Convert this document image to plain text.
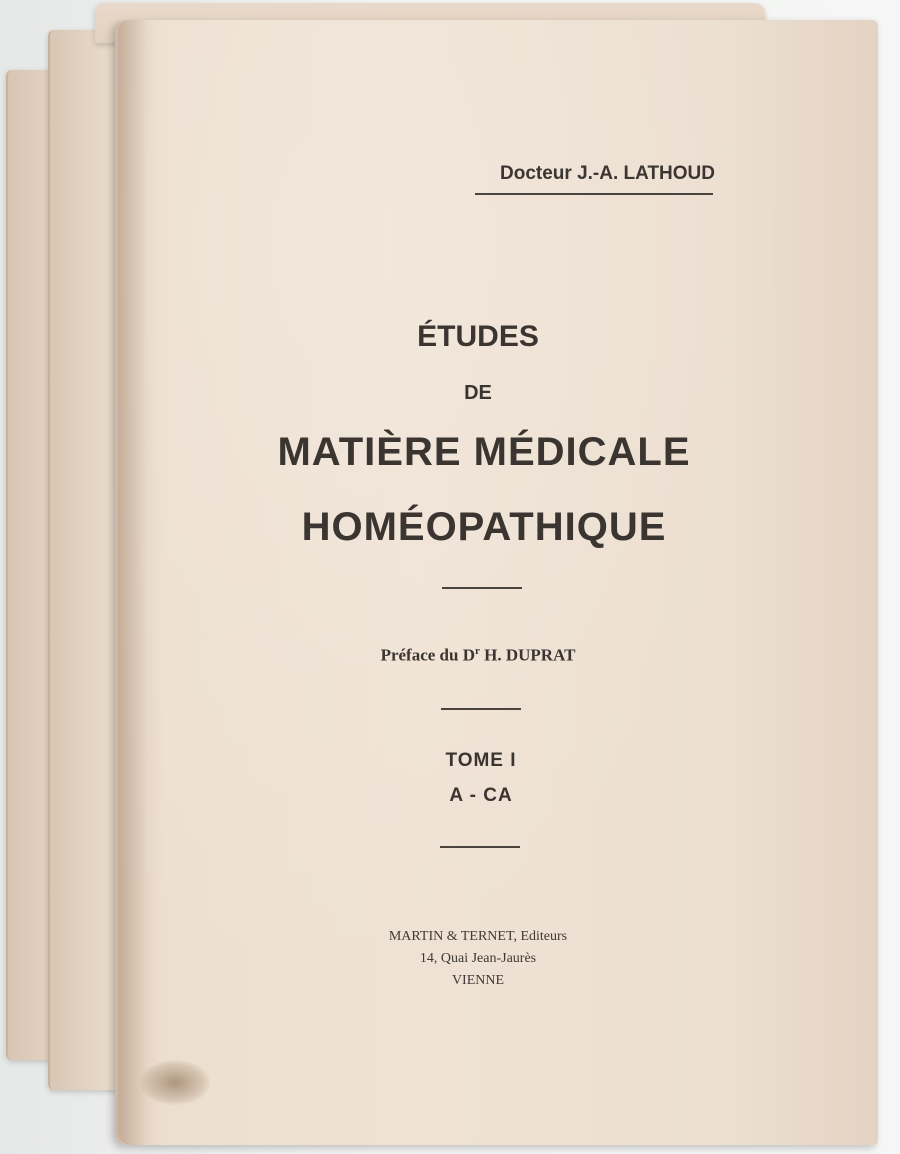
Docteur J.-A. LATHOUD
ÉTUDES
DE
MATIÈRE MÉDICALE
HOMÉOPATHIQUE
Préface du $D^r$ H. DUPRAT
TOME I
A - CA
MARTIN & TERNET, Editeurs
14, Quai Jean-Jaurès
VIENNE
